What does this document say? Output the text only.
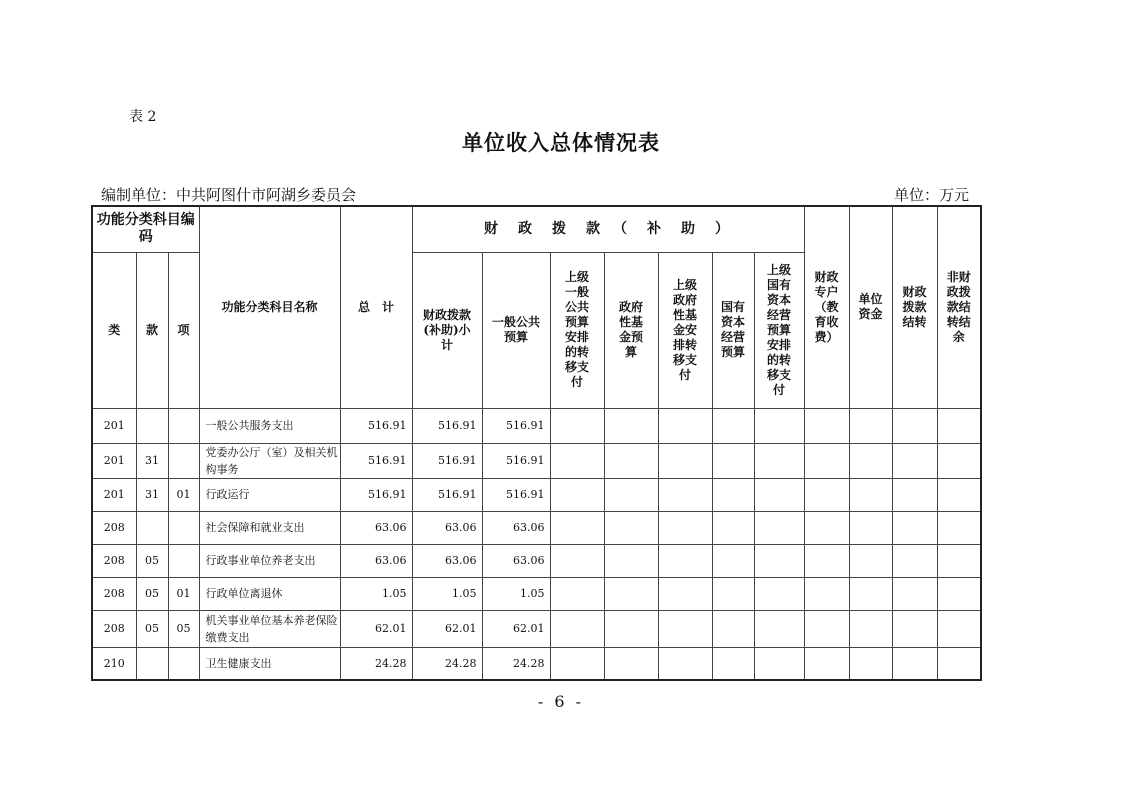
表 2
单位收入总体情况表
编制单位：中共阿图什市阿湖乡委员会	单位：万元
功能分类科目编码			功能分类科目名称	总　计	财　政　拨　款　（　补　助　）							财政专户（教育收费）	单位资金	财政拨款结转	非财政拨款结转结余

类	款	项			财政拨款(补助)小计	一般公共预算	上级一般公共预算安排的转移支付	政府性基金预算	上级政府性基金安排转移支付	国有资本经营预算	上级国有资本经营预算安排的转移支付				

201			一般公共服务支出	516.91	516.91	516.91									
201	31		党委办公厅（室）及相关机构事务	516.91	516.91	516.91									
201	31	01	行政运行	516.91	516.91	516.91									
208			社会保障和就业支出	63.06	63.06	63.06									
208	05		行政事业单位养老支出	63.06	63.06	63.06									
208	05	01	行政单位离退休	1.05	1.05	1.05									
208	05	05	机关事业单位基本养老保险缴费支出	62.01	62.01	62.01									
210			卫生健康支出	24.28	24.28	24.28									
- 6 -
